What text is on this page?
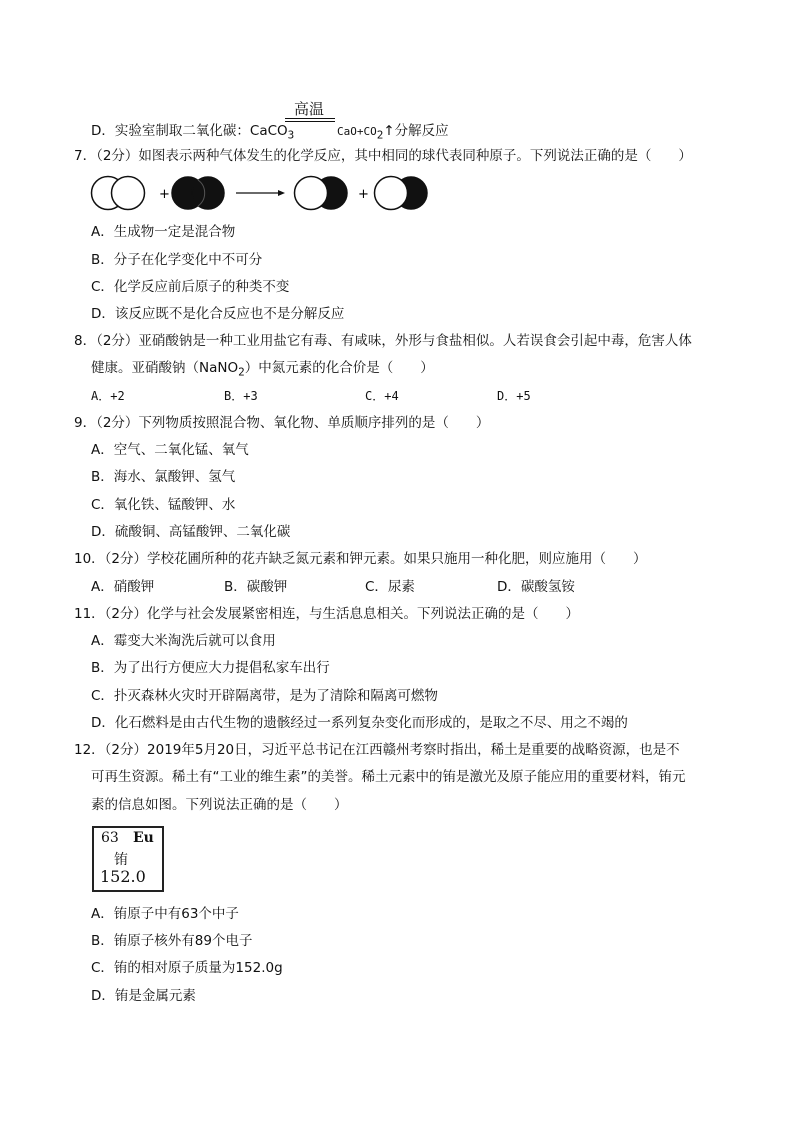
高温
D．实验室制取二氧化碳：CaCO$_3$	$CaO+CO_2↑$分解反应
7．（2分）如图表示两种气体发生的化学反应，其中相同的球代表同种原子。下列说法正确的是（　　）
+	+
A．生成物一定是混合物
B．分子在化学变化中不可分
C．化学反应前后原子的种类不变
D．该反应既不是化合反应也不是分解反应
8．（2分）亚硝酸钠是一种工业用盐它有毒、有咸味，外形与食盐相似。人若误食会引起中毒，危害人体
健康。亚硝酸钠（NaNO$_2$）中氮元素的化合价是（　　）
A．+2	B．+3	C．+4	D．+5
9．（2分）下列物质按照混合物、氧化物、单质顺序排列的是（　　）
A．空气、二氧化锰、氧气
B．海水、氯酸钾、氢气
C．氧化铁、锰酸钾、水
D．硫酸铜、高锰酸钾、二氧化碳
10．（2分）学校花圃所种的花卉缺乏氮元素和钾元素。如果只施用一种化肥，则应施用（　　）
A．硝酸钾	B．碳酸钾	C．尿素	D．碳酸氢铵
11．（2分）化学与社会发展紧密相连，与生活息息相关。下列说法正确的是（　　）
A．霉变大米淘洗后就可以食用
B．为了出行方便应大力提倡私家车出行
C．扑灭森林火灾时开辟隔离带，是为了清除和隔离可燃物
D．化石燃料是由古代生物的遗骸经过一系列复杂变化而形成的，是取之不尽、用之不竭的
12．（2分）2019年5月20日，习近平总书记在江西赣州考察时指出，稀土是重要的战略资源，也是不
可再生资源。稀土有“工业的维生素”的美誉。稀土元素中的铕是激光及原子能应用的重要材料，铕元
素的信息如图。下列说法正确的是（　　）
63 Eu
铕
152.0
A．铕原子中有63个中子
B．铕原子核外有89个电子
C．铕的相对原子质量为152.0g
D．铕是金属元素
